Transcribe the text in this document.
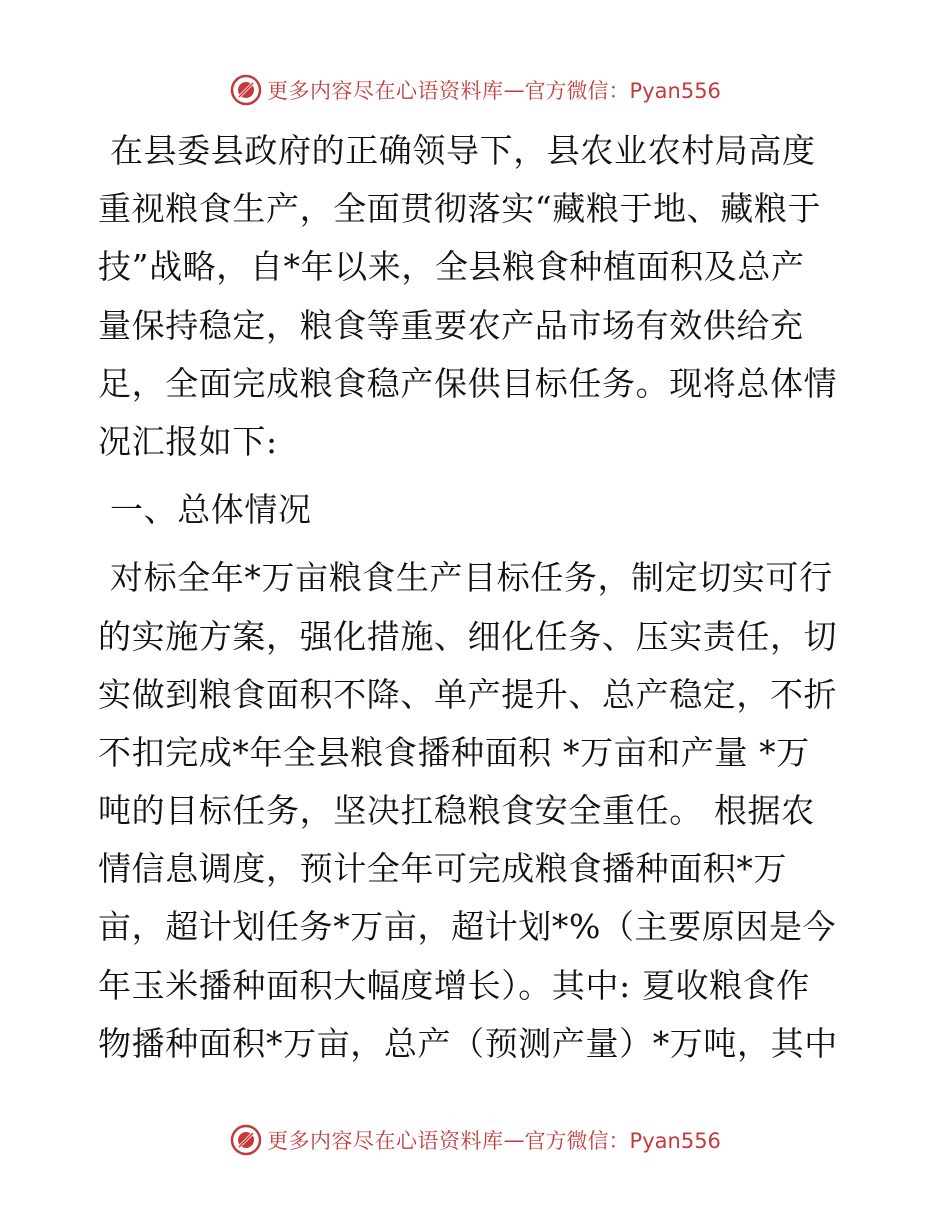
更多内容尽在心语资料库 — 官方微信：Pyan556
在县委县政府的正确领导下，县农业农村局高度
重视粮食生产，全面贯彻落实“藏粮于地、藏粮于
技”战略，自*年以来，全县粮食种植面积及总产
量保持稳定，粮食等重要农产品市场有效供给充
足，全面完成粮食稳产保供目标任务。现将总体情
况汇报如下:
一、总体情况
对标全年*万亩粮食生产目标任务，制定切实可行
的实施方案，强化措施、细化任务、压实责任，切
实做到粮食面积不降、单产提升、总产稳定，不折
不扣完成*年全县粮食播种面积 *万亩和产量 *万
吨的目标任务，坚决扛稳粮食安全重任。 根据农
情信息调度，预计全年可完成粮食播种面积*万
亩，超计划任务*万亩，超计划*%（主要原因是今
年玉米播种面积大幅度增长）。其中: 夏收粮食作
物播种面积*万亩，总产（预测产量）*万吨，其中
更多内容尽在心语资料库 — 官方微信：Pyan556
